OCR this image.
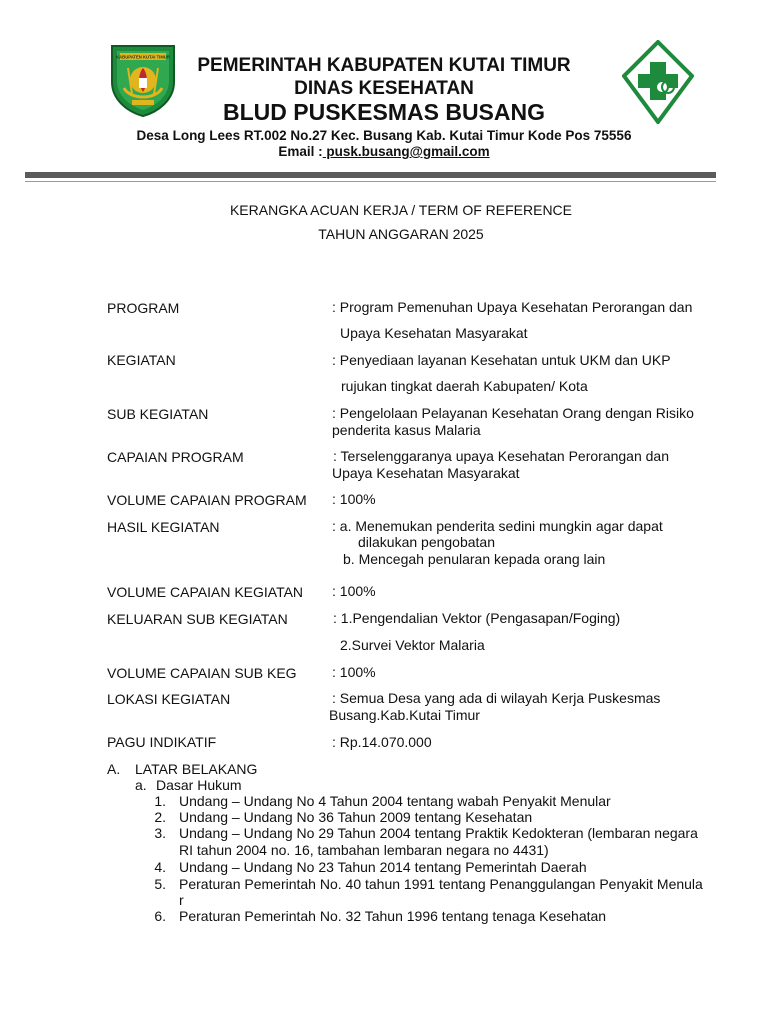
KABUPATEN KUTAI TIMUR	PEMERINTAH KABUPATEN KUTAI TIMUR
DINAS KESEHATAN
BLUD PUSKESMAS BUSANG
Desa Long Lees RT.002 No.27 Kec. Busang Kab. Kutai Timur Kode Pos 75556
Email : pusk.busang@gmail.com
KERANGKA ACUAN KERJA / TERM OF REFERENCE
TAHUN ANGGARAN 2025
PROGRAM	: Program Pemenuhan Upaya Kesehatan Perorangan dan
Upaya Kesehatan Masyarakat
KEGIATAN	: Penyediaan layanan Kesehatan untuk UKM dan UKP
rujukan tingkat daerah Kabupaten/ Kota
SUB KEGIATAN	: Pengelolaan Pelayanan Kesehatan Orang dengan Risiko
penderita kasus Malaria
CAPAIAN PROGRAM	: Terselenggaranya upaya Kesehatan Perorangan dan
Upaya Kesehatan Masyarakat
VOLUME CAPAIAN PROGRAM : 100%
HASIL KEGIATAN	: a. Menemukan penderita sedini mungkin agar dapat
dilakukan pengobatan
b. Mencegah penularan kepada orang lain
VOLUME CAPAIAN KEGIATAN : 100%
KELUARAN SUB KEGIATAN	: 1.Pengendalian Vektor (Pengasapan/Foging)
2.Survei Vektor Malaria
VOLUME CAPAIAN SUB KEG	: 100%
LOKASI KEGIATAN	: Semua Desa yang ada di wilayah Kerja Puskesmas
Busang.Kab.Kutai Timur
PAGU INDIKATIF	: Rp.14.070.000
A. LATAR BELAKANG
a. Dasar Hukum
1. Undang – Undang No 4 Tahun 2004 tentang wabah Penyakit Menular
2. Undang – Undang No 36 Tahun 2009 tentang Kesehatan
3. Undang – Undang No 29 Tahun 2004 tentang Praktik Kedokteran (lembaran negara
RI tahun 2004 no. 16, tambahan lembaran negara no 4431)
4. Undang – Undang No 23 Tahun 2014 tentang Pemerintah Daerah
5. Peraturan Pemerintah No. 40 tahun 1991 tentang Penanggulangan Penyakit Menula
r
6. Peraturan Pemerintah No. 32 Tahun 1996 tentang tenaga Kesehatan
